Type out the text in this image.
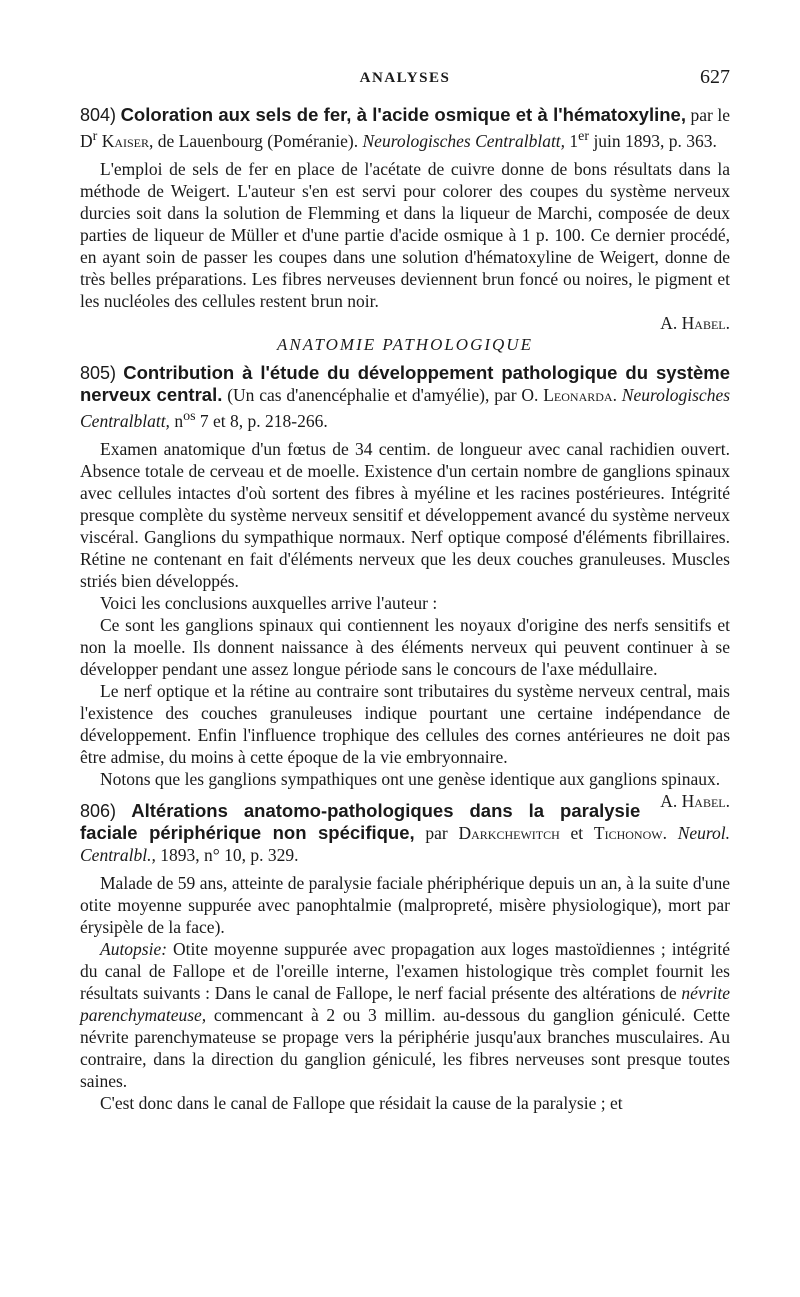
ANALYSES	627

804) Coloration aux sels de fer, à l'acide osmique et à l'hématoxyline, par le $D^r$ Kaiser, de Lauenbourg (Poméranie). Neurologisches Centralblatt, 1er juin 1893, p. 363.

L'emploi de sels de fer en place de l'acétate de cuivre donne de bons résultats dans la méthode de Weigert. L'auteur s'en est servi pour colorer des coupes du système nerveux durcies soit dans la solution de Flemming et dans la liqueur de Marchi, composée de deux parties de liqueur de Müller et d'une partie d'acide osmique à 1 p. 100. Ce dernier procédé, en ayant soin de passer les coupes dans une solution d'hématoxyline de Weigert, donne de très belles préparations. Les fibres nerveuses deviennent brun foncé ou noires, le pigment et les nucléoles des cellules restent brun noir.

A. Habel.

ANATOMIE PATHOLOGIQUE

805) Contribution à l'étude du développement pathologique du système nerveux central. (Un cas d'anencéphalie et d'amyélie), par O. Leonarda. Neurologisches Centralblatt, $n^{os}$ 7 et 8, p. 218-266.

Examen anatomique d'un fœtus de 34 centim. de longueur avec canal rachidien ouvert. Absence totale de cerveau et de moelle. Existence d'un certain nombre de ganglions spinaux avec cellules intactes d'où sortent des fibres à myéline et les racines postérieures. Intégrité presque complète du système nerveux sensitif et développement avancé du système nerveux viscéral. Ganglions du sympathique normaux. Nerf optique composé d'éléments fibrillaires. Rétine ne contenant en fait d'éléments nerveux que les deux couches granuleuses. Muscles striés bien développés.

Voici les conclusions auxquelles arrive l'auteur :

Ce sont les ganglions spinaux qui contiennent les noyaux d'origine des nerfs sensitifs et non la moelle. Ils donnent naissance à des éléments nerveux qui peuvent continuer à se développer pendant une assez longue période sans le concours de l'axe médullaire.

Le nerf optique et la rétine au contraire sont tributaires du système nerveux central, mais l'existence des couches granuleuses indique pourtant une certaine indépendance de développement. Enfin l'influence trophique des cellules des cornes antérieures ne doit pas être admise, du moins à cette époque de la vie embryonnaire.

Notons que les ganglions sympathiques ont une genèse identique aux ganglions spinaux.
A. Habel.

806) Altérations anatomo-pathologiques dans la paralysie faciale périphérique non spécifique, par Darkchewitch et Tichonow. Neurol. Centralbl., 1893, n° 10, p. 329.

Malade de 59 ans, atteinte de paralysie faciale phériphérique depuis un an, à la suite d'une otite moyenne suppurée avec panophtalmie (malpropreté, misère physiologique), mort par érysipèle de la face).

Autopsie: Otite moyenne suppurée avec propagation aux loges mastoïdiennes ; intégrité du canal de Fallope et de l'oreille interne, l'examen histologique très complet fournit les résultats suivants : Dans le canal de Fallope, le nerf facial présente des altérations de névrite parenchymateuse, commencant à 2 ou 3 millim. au-dessous du ganglion géniculé. Cette névrite parenchymateuse se propage vers la périphérie jusqu'aux branches musculaires. Au contraire, dans la direction du ganglion géniculé, les fibres nerveuses sont presque toutes saines.

C'est donc dans le canal de Fallope que résidait la cause de la paralysie ; et
